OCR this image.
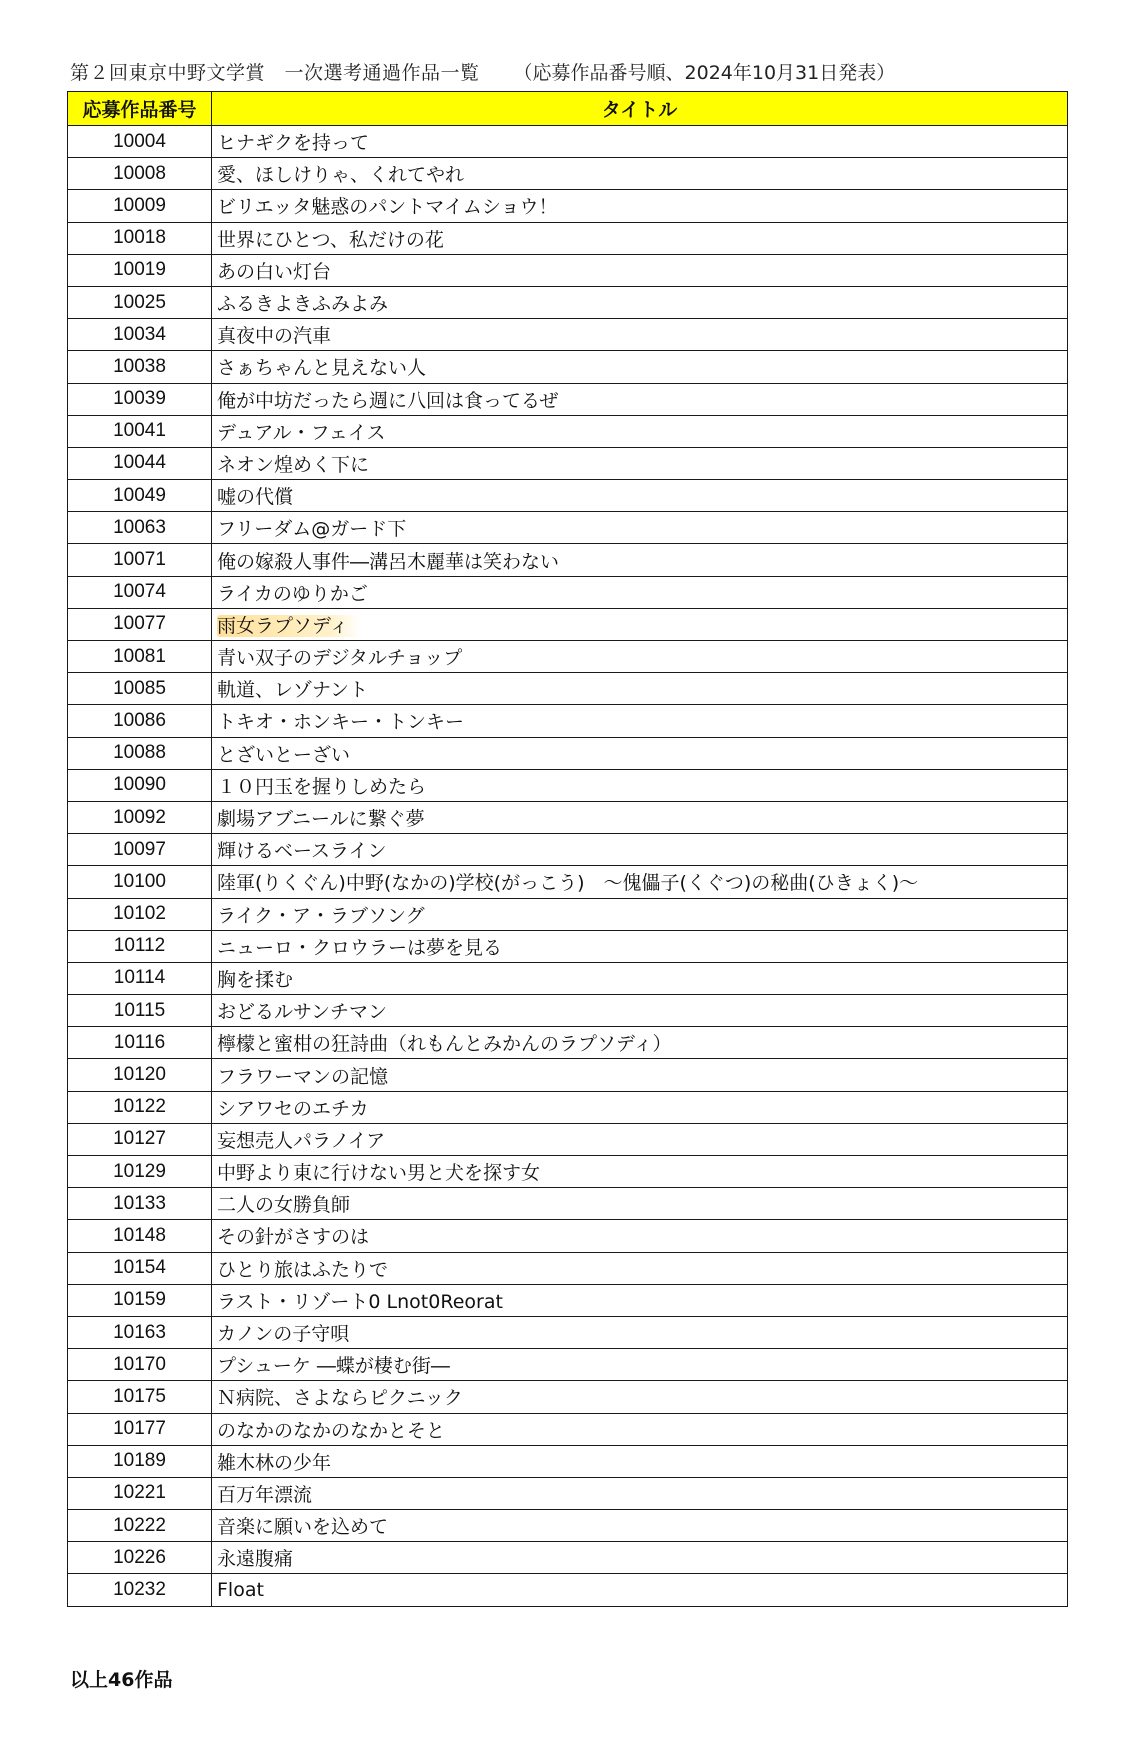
第２回東京中野文学賞　一次選考通過作品一覧 （応募作品番号順、2024年10月31日発表）
応募作品番号	タイトル
10004	ヒナギクを持って
10008	愛、ほしけりゃ、くれてやれ
10009	ビリエッタ魅惑のパントマイムショウ！
10018	世界にひとつ、私だけの花
10019	あの白い灯台
10025	ふるきよきふみよみ
10034	真夜中の汽車
10038	さぁちゃんと見えない人
10039	俺が中坊だったら週に八回は食ってるぜ
10041	デュアル・フェイス
10044	ネオン煌めく下に
10049	嘘の代償
10063	フリーダム@ガード下
10071	俺の嫁殺人事件―溝呂木麗華は笑わない
10074	ライカのゆりかご
10077	雨女ラプソディ
10081	青い双子のデジタルチョップ
10085	軌道、レゾナント
10086	トキオ・ホンキー・トンキー
10088	とざいとーざい
10090	１０円玉を握りしめたら
10092	劇場アブニールに繋ぐ夢
10097	輝けるベースライン
10100	陸軍(りくぐん)中野(なかの)学校(がっこう)　〜傀儡子(くぐつ)の秘曲(ひきょく)〜
10102	ライク・ア・ラブソング
10112	ニューロ・クロウラーは夢を見る
10114	胸を揉む
10115	おどるルサンチマン
10116	檸檬と蜜柑の狂詩曲（れもんとみかんのラプソディ）
10120	フラワーマンの記憶
10122	シアワセのエチカ
10127	妄想売人パラノイア
10129	中野より東に行けない男と犬を探す女
10133	二人の女勝負師
10148	その針がさすのは
10154	ひとり旅はふたりで
10159	ラスト・リゾート0 Lnot0Reorat
10163	カノンの子守唄
10170	プシューケ ―蝶が棲む街―
10175	Ｎ病院、さよならピクニック
10177	のなかのなかのなかとそと
10189	雑木林の少年
10221	百万年漂流
10222	音楽に願いを込めて
10226	永遠腹痛
10232	Float
以上46作品
